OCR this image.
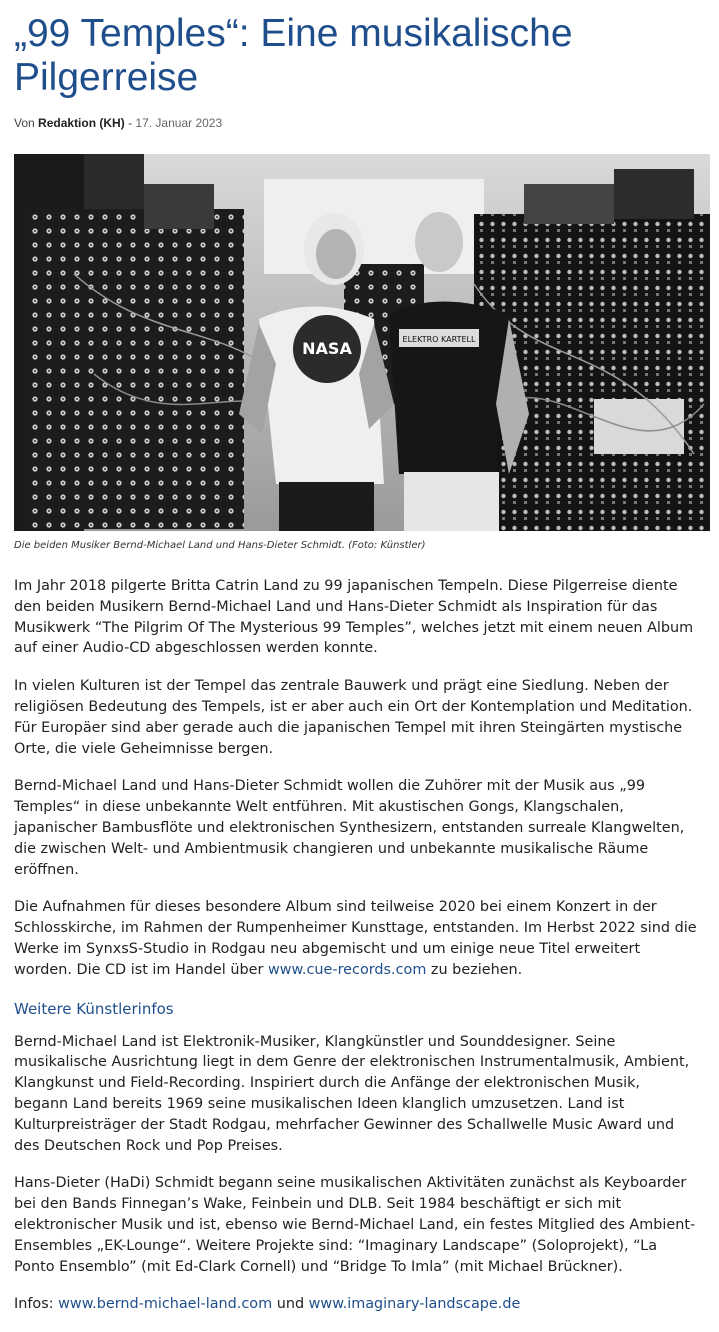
„99 Temples“: Eine musikalische
Pilgerreise
Von Redaktion (KH) - 17. Januar 2023
NASA	ELEKTRO KARTELL
Die beiden Musiker Bernd-Michael Land und Hans-Dieter Schmidt. (Foto: Künstler)

Im Jahr 2018 pilgerte Britta Catrin Land zu 99 japanischen Tempeln. Diese Pilgerreise diente
den beiden Musikern Bernd-Michael Land und Hans-Dieter Schmidt als Inspiration für das
Musikwerk “The Pilgrim Of The Mysterious 99 Temples”, welches jetzt mit einem neuen Album
auf einer Audio-CD abgeschlossen werden konnte.

In vielen Kulturen ist der Tempel das zentrale Bauwerk und prägt eine Siedlung. Neben der
religiösen Bedeutung des Tempels, ist er aber auch ein Ort der Kontemplation und Meditation.
Für Europäer sind aber gerade auch die japanischen Tempel mit ihren Steingärten mystische
Orte, die viele Geheimnisse bergen.

Bernd-Michael Land und Hans-Dieter Schmidt wollen die Zuhörer mit der Musik aus „99
Temples“ in diese unbekannte Welt entführen. Mit akustischen Gongs, Klangschalen,
japanischer Bambusflöte und elektronischen Synthesizern, entstanden surreale Klangwelten,
die zwischen Welt- und Ambientmusik changieren und unbekannte musikalische Räume
eröffnen.

Die Aufnahmen für dieses besondere Album sind teilweise 2020 bei einem Konzert in der
Schlosskirche, im Rahmen der Rumpenheimer Kunsttage, entstanden. Im Herbst 2022 sind die
Werke im SynxsS-Studio in Rodgau neu abgemischt und um einige neue Titel erweitert
worden. Die CD ist im Handel über www.cue-records.com zu beziehen.

Weitere Künstlerinfos

Bernd-Michael Land ist Elektronik-Musiker, Klangkünstler und Sounddesigner. Seine
musikalische Ausrichtung liegt in dem Genre der elektronischen Instrumentalmusik, Ambient,
Klangkunst und Field-Recording. Inspiriert durch die Anfänge der elektronischen Musik,
begann Land bereits 1969 seine musikalischen Ideen klanglich umzusetzen. Land ist
Kulturpreisträger der Stadt Rodgau, mehrfacher Gewinner des Schallwelle Music Award und
des Deutschen Rock und Pop Preises.

Hans-Dieter (HaDi) Schmidt begann seine musikalischen Aktivitäten zunächst als Keyboarder
bei den Bands Finnegan’s Wake, Feinbein und DLB. Seit 1984 beschäftigt er sich mit
elektronischer Musik und ist, ebenso wie Bernd-Michael Land, ein festes Mitglied des Ambient-
Ensembles „EK-Lounge“. Weitere Projekte sind: “Imaginary Landscape” (Soloprojekt), “La
Ponto Ensemblo” (mit Ed-Clark Cornell) und “Bridge To Imla” (mit Michael Brückner).

Infos: www.bernd-michael-land.com und www.imaginary-landscape.de
